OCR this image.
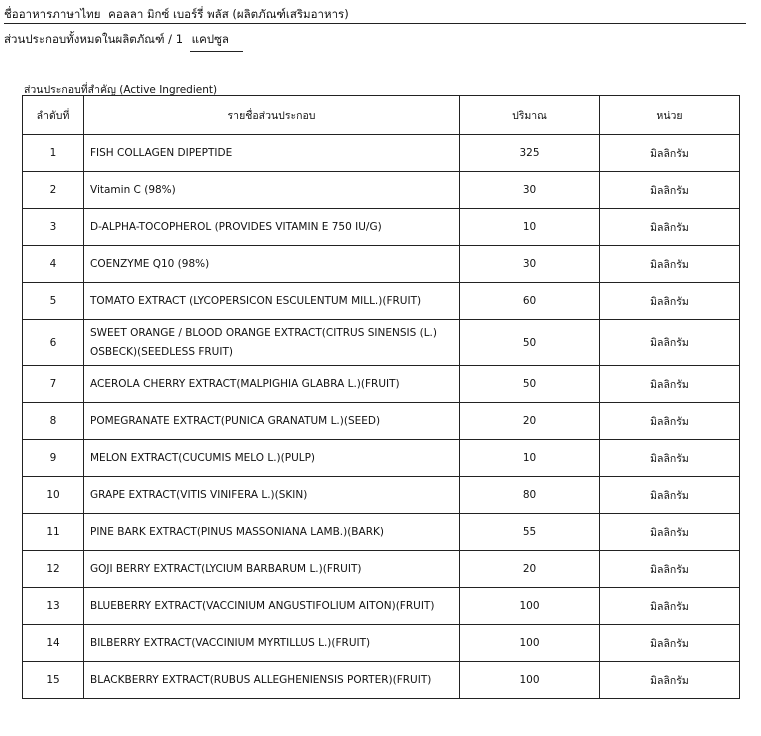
ชื่ออาหารภาษาไทย คอลลา มิกซ์ เบอร์รี่ พลัส (ผลิตภัณฑ์เสริมอาหาร)
ส่วนประกอบทั้งหมดในผลิตภัณฑ์ / 1 แคปซูล
ส่วนประกอบที่สำคัญ (Active Ingredient)
ลำดับที่	รายชื่อส่วนประกอบ	ปริมาณ	หน่วย
1	FISH COLLAGEN DIPEPTIDE	325	มิลลิกรัม
2	Vitamin C (98%)	30	มิลลิกรัม
3	D-ALPHA-TOCOPHEROL (PROVIDES VITAMIN E 750 IU/G)	10	มิลลิกรัม
4	COENZYME Q10 (98%)	30	มิลลิกรัม
5	TOMATO EXTRACT (LYCOPERSICON ESCULENTUM MILL.)(FRUIT)	60	มิลลิกรัม
6	SWEET ORANGE / BLOOD ORANGE EXTRACT(CITRUS SINENSIS (L.) OSBECK)(SEEDLESS FRUIT)	50	มิลลิกรัม
7	ACEROLA CHERRY EXTRACT(MALPIGHIA GLABRA L.)(FRUIT)	50	มิลลิกรัม
8	POMEGRANATE EXTRACT(PUNICA GRANATUM L.)(SEED)	20	มิลลิกรัม
9	MELON EXTRACT(CUCUMIS MELO L.)(PULP)	10	มิลลิกรัม
10	GRAPE EXTRACT(VITIS VINIFERA L.)(SKIN)	80	มิลลิกรัม
11	PINE BARK EXTRACT(PINUS MASSONIANA LAMB.)(BARK)	55	มิลลิกรัม
12	GOJI BERRY EXTRACT(LYCIUM BARBARUM L.)(FRUIT)	20	มิลลิกรัม
13	BLUEBERRY EXTRACT(VACCINIUM ANGUSTIFOLIUM AITON)(FRUIT)	100	มิลลิกรัม
14	BILBERRY EXTRACT(VACCINIUM MYRTILLUS L.)(FRUIT)	100	มิลลิกรัม
15	BLACKBERRY EXTRACT(RUBUS ALLEGHENIENSIS PORTER)(FRUIT)	100	มิลลิกรัม
